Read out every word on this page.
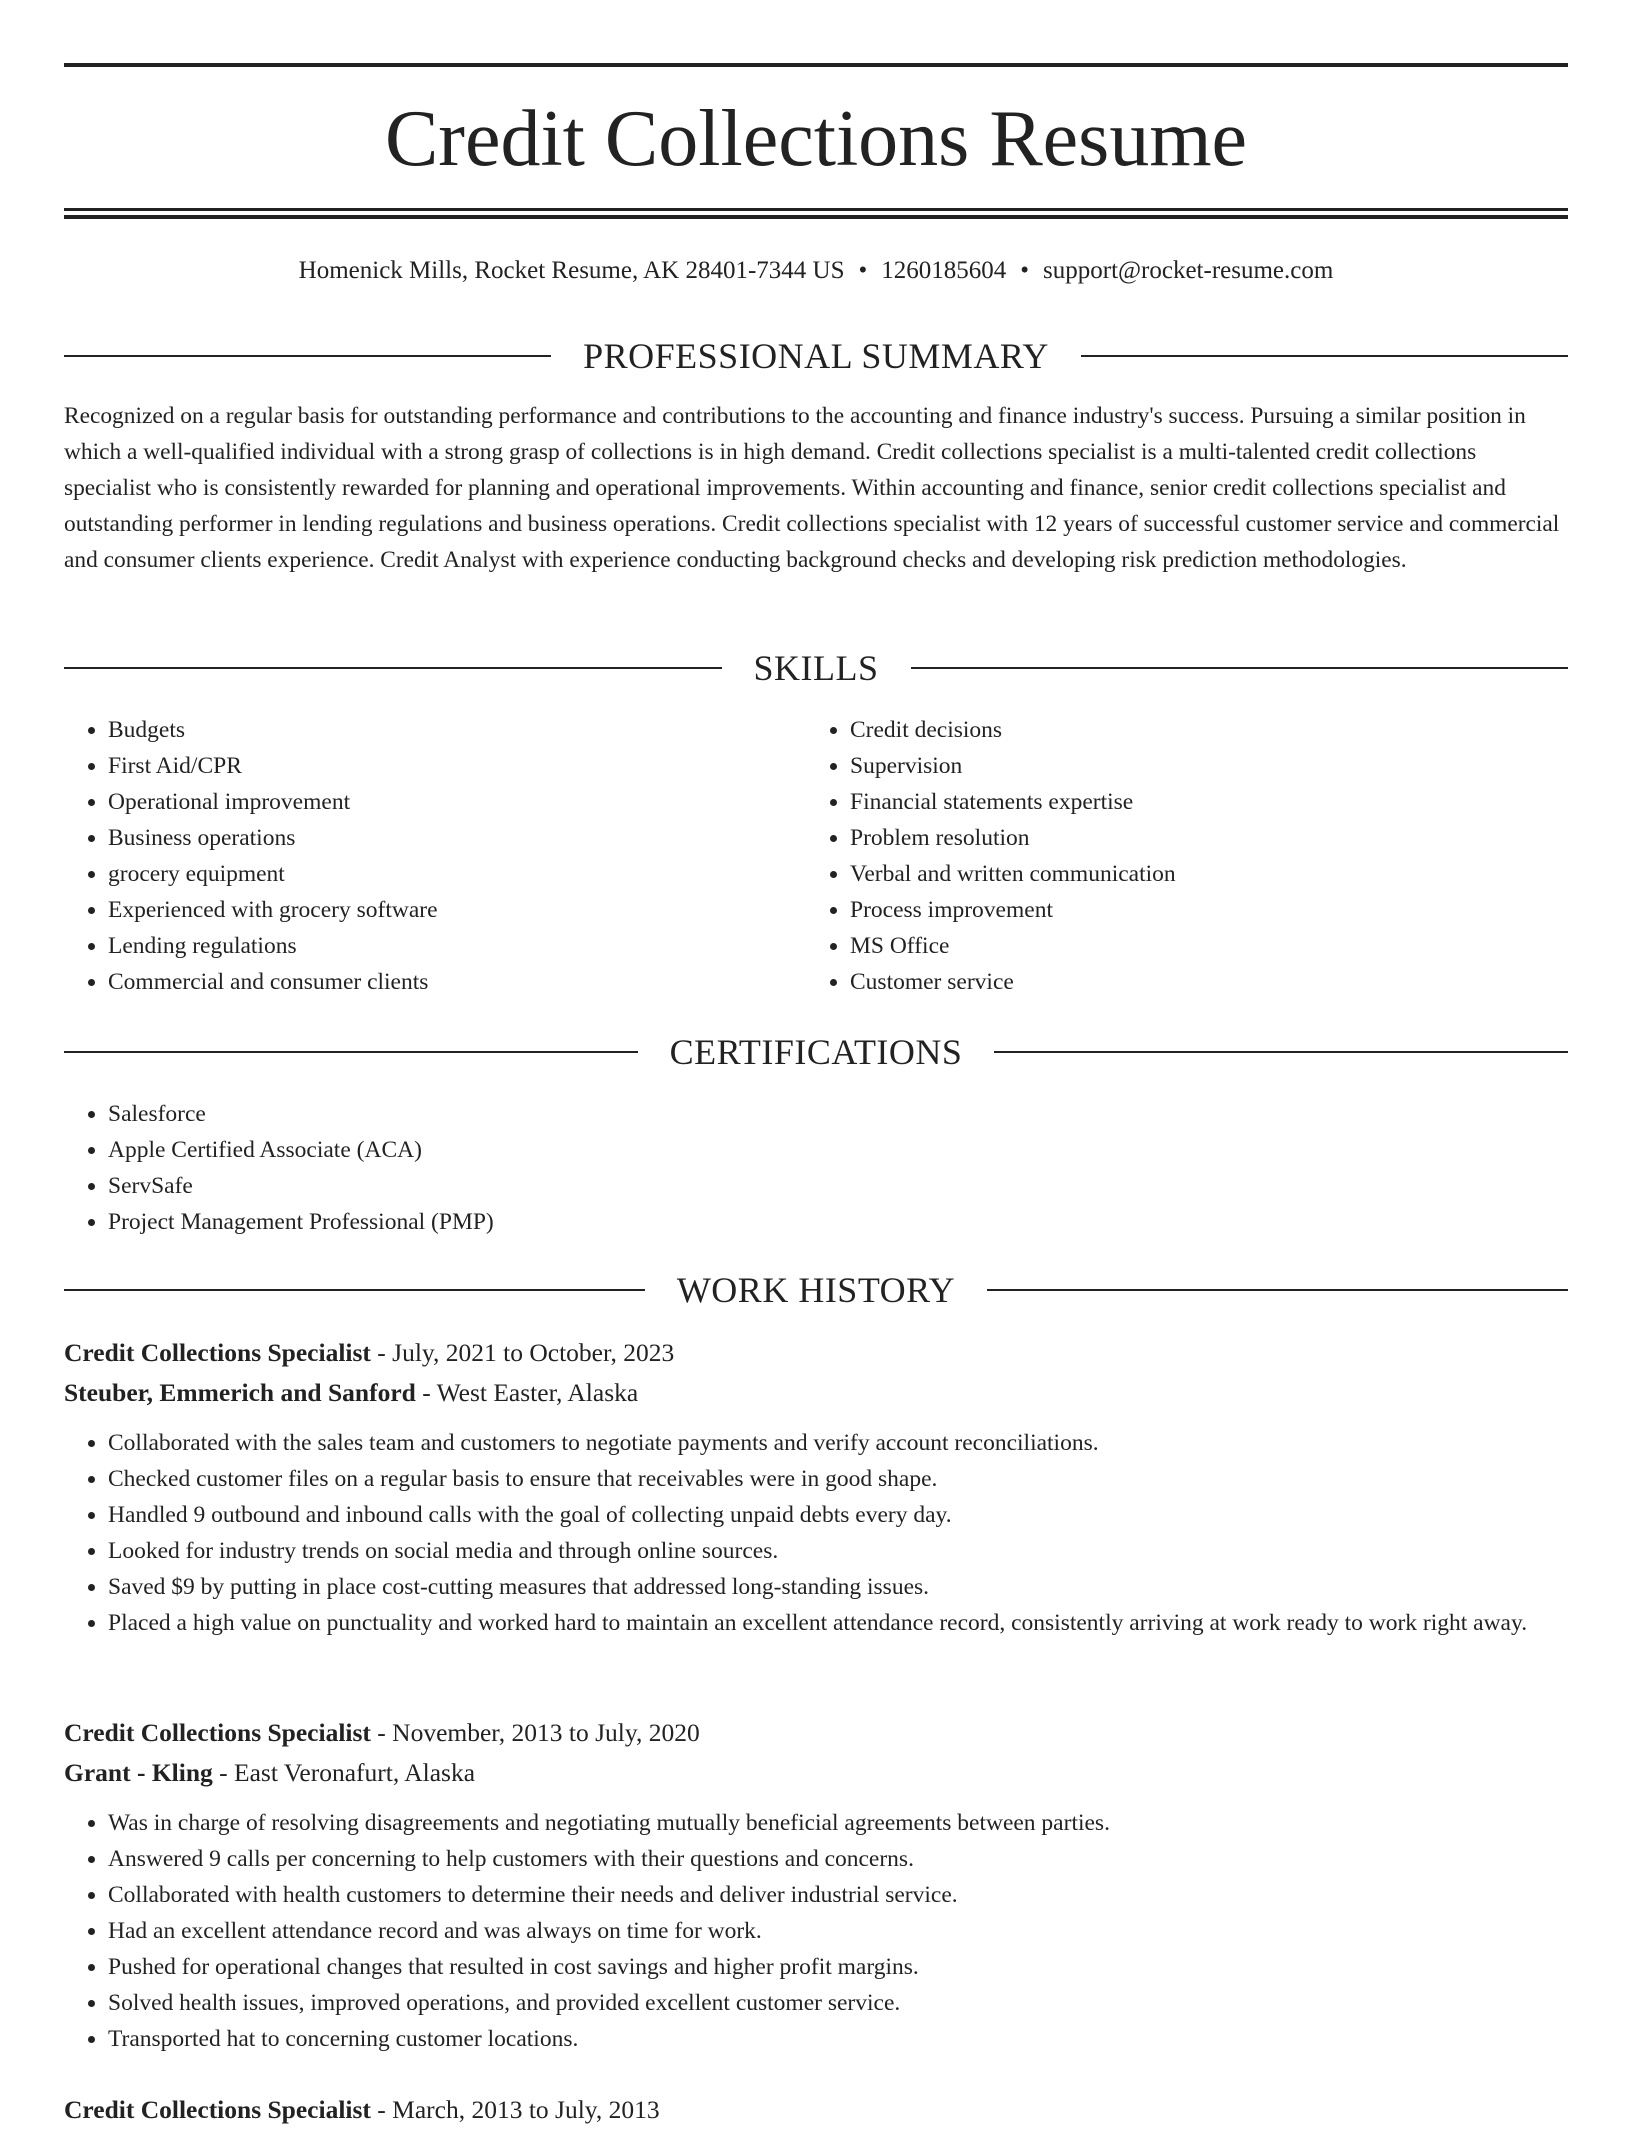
Credit Collections Resume
Homenick Mills, Rocket Resume, AK 28401-7344 US • 1260185604 • support@rocket-resume.com
PROFESSIONAL SUMMARY

Recognized on a regular basis for outstanding performance and contributions to the accounting and finance industry's success. Pursuing a similar position in which a well-qualified individual with a strong grasp of collections is in high demand. Credit collections specialist is a multi-talented credit collections specialist who is consistently rewarded for planning and operational improvements. Within accounting and finance, senior credit collections specialist and outstanding performer in lending regulations and business operations. Credit collections specialist with 12 years of successful customer service and commercial and consumer clients experience. Credit Analyst with experience conducting background checks and developing risk prediction methodologies.

SKILLS
• Budgets
• First Aid/CPR
• Operational improvement
• Business operations
• grocery equipment
• Experienced with grocery software
• Lending regulations
• Commercial and consumer clients
• Credit decisions
• Supervision
• Financial statements expertise
• Problem resolution
• Verbal and written communication
• Process improvement
• MS Office
• Customer service
CERTIFICATIONS
• Salesforce
• Apple Certified Associate (ACA)
• ServSafe
• Project Management Professional (PMP)
WORK HISTORY
Credit Collections Specialist - July, 2021 to October, 2023
Steuber, Emmerich and Sanford - West Easter, Alaska
• Collaborated with the sales team and customers to negotiate payments and verify account reconciliations.
• Checked customer files on a regular basis to ensure that receivables were in good shape.
• Handled 9 outbound and inbound calls with the goal of collecting unpaid debts every day.
• Looked for industry trends on social media and through online sources.
• Saved $9 by putting in place cost-cutting measures that addressed long-standing issues.
• Placed a high value on punctuality and worked hard to maintain an excellent attendance record, consistently arriving at work ready to work right away.
Credit Collections Specialist - November, 2013 to July, 2020
Grant - Kling - East Veronafurt, Alaska
• Was in charge of resolving disagreements and negotiating mutually beneficial agreements between parties.
• Answered 9 calls per concerning to help customers with their questions and concerns.
• Collaborated with health customers to determine their needs and deliver industrial service.
• Had an excellent attendance record and was always on time for work.
• Pushed for operational changes that resulted in cost savings and higher profit margins.
• Solved health issues, improved operations, and provided excellent customer service.
• Transported hat to concerning customer locations.
Credit Collections Specialist - March, 2013 to July, 2013
